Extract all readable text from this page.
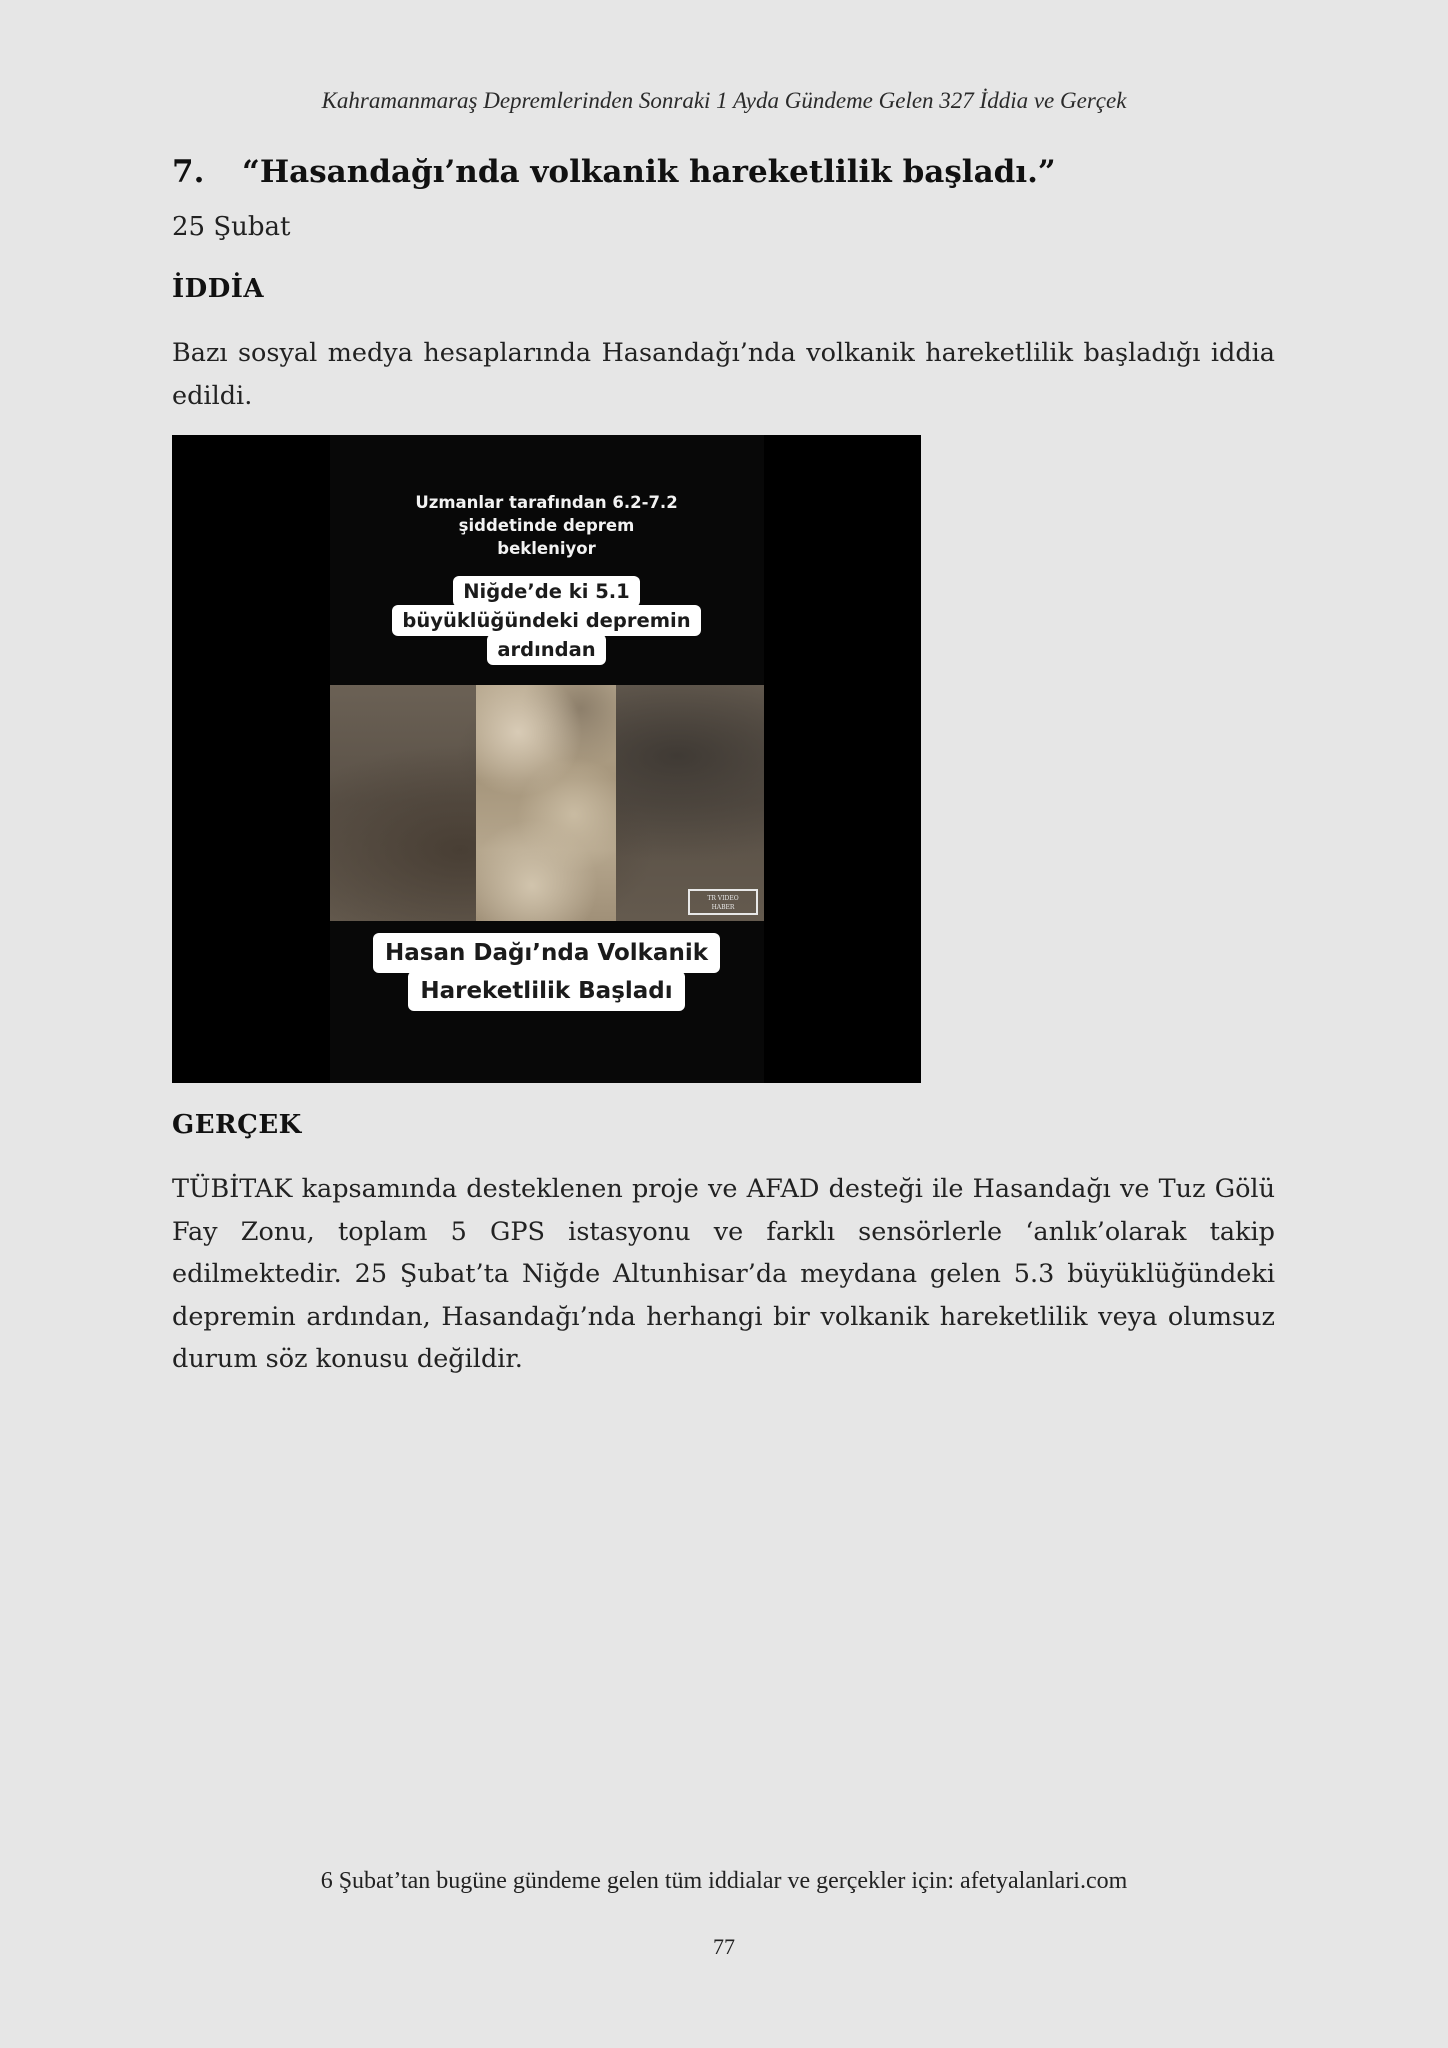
Kahramanmaraş Depremlerinden Sonraki 1 Ayda Gündeme Gelen 327 İddia ve Gerçek
7. “Hasandağı’nda volkanik hareketlilik başladı.”
25 Şubat
İDDİA

Bazı sosyal medya hesaplarında Hasandağı’nda volkanik hareketlilik başladığı iddia edildi.

Uzmanlar tarafından 6.2-7.2
şiddetinde deprem
bekleniyor
Niğde’de ki 5.1
büyüklüğündeki depremin
ardından
TR VIDEO
HABER
Hasan Dağı’nda Volkanik
Hareketlilik Başladı
GERÇEK

TÜBİTAK kapsamında desteklenen proje ve AFAD desteği ile Hasandağı ve Tuz Gölü Fay Zonu, toplam 5 GPS istasyonu ve farklı sensörlerle ‘anlık’olarak takip edilmektedir. 25 Şubat’ta Niğde Altunhisar’da meydana gelen 5.3 büyüklüğündeki depremin ardından, Hasandağı’nda herhangi bir volkanik hareketlilik veya olumsuz durum söz konusu değildir.

6 Şubat’tan bugüne gündeme gelen tüm iddialar ve gerçekler için: afetyalanlari.com
77
